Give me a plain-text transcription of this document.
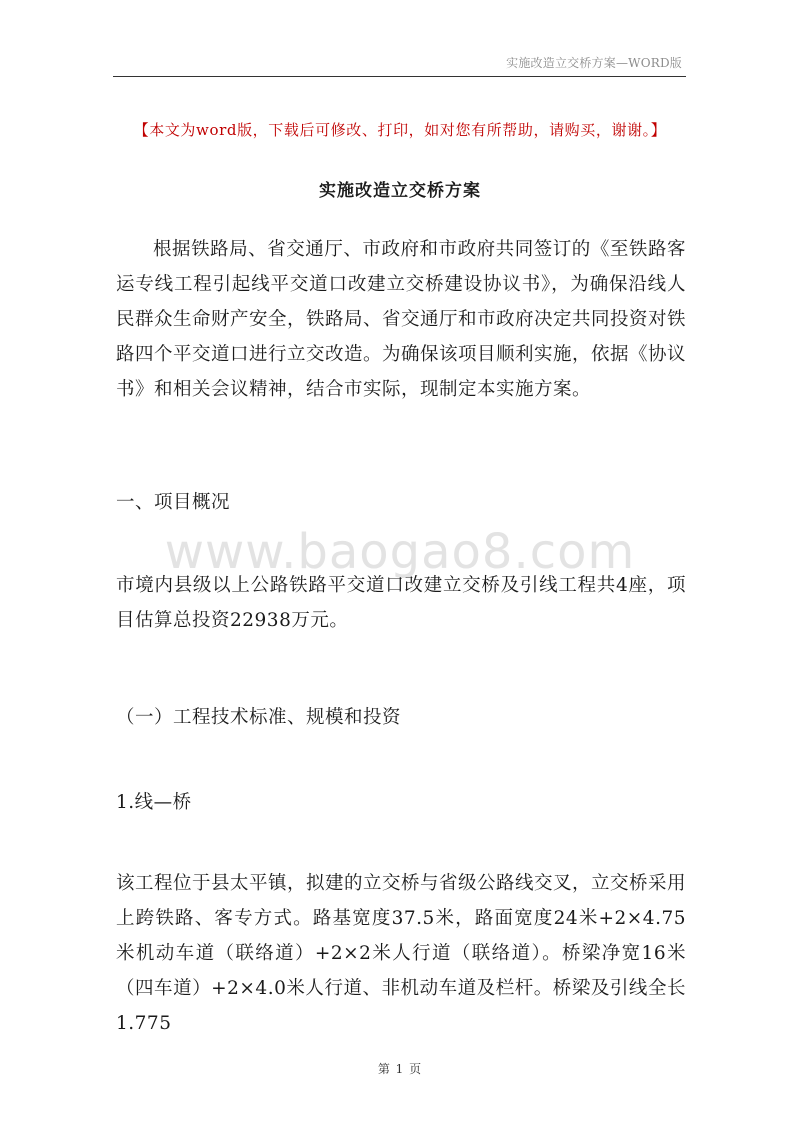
实施改造立交桥方案—WORD版
【本文为word版，下载后可修改、打印，如对您有所帮助，请购买，谢谢。】
实施改造立交桥方案
根据铁路局、省交通厅、市政府和市政府共同签订的《至铁路客运专线工程引起线平交道口改建立交桥建设协议书》，为确保沿线人民群众生命财产安全，铁路局、省交通厅和市政府决定共同投资对铁路四个平交道口进行立交改造。为确保该项目顺利实施，依据《协议书》和相关会议精神，结合市实际，现制定本实施方案。
一、项目概况
www.baogao8.com
市境内县级以上公路铁路平交道口改建立交桥及引线工程共4座，项目估算总投资22938万元。
（一）工程技术标准、规模和投资
1.线—桥
该工程位于县太平镇，拟建的立交桥与省级公路线交叉，立交桥采用上跨铁路、客专方式。路基宽度37.5米，路面宽度24米+2×4.75米机动车道（联络道）+2×2米人行道（联络道）。桥梁净宽16米（四车道）+2×4.0米人行道、非机动车道及栏杆。桥梁及引线全长1.775
第 1 页
